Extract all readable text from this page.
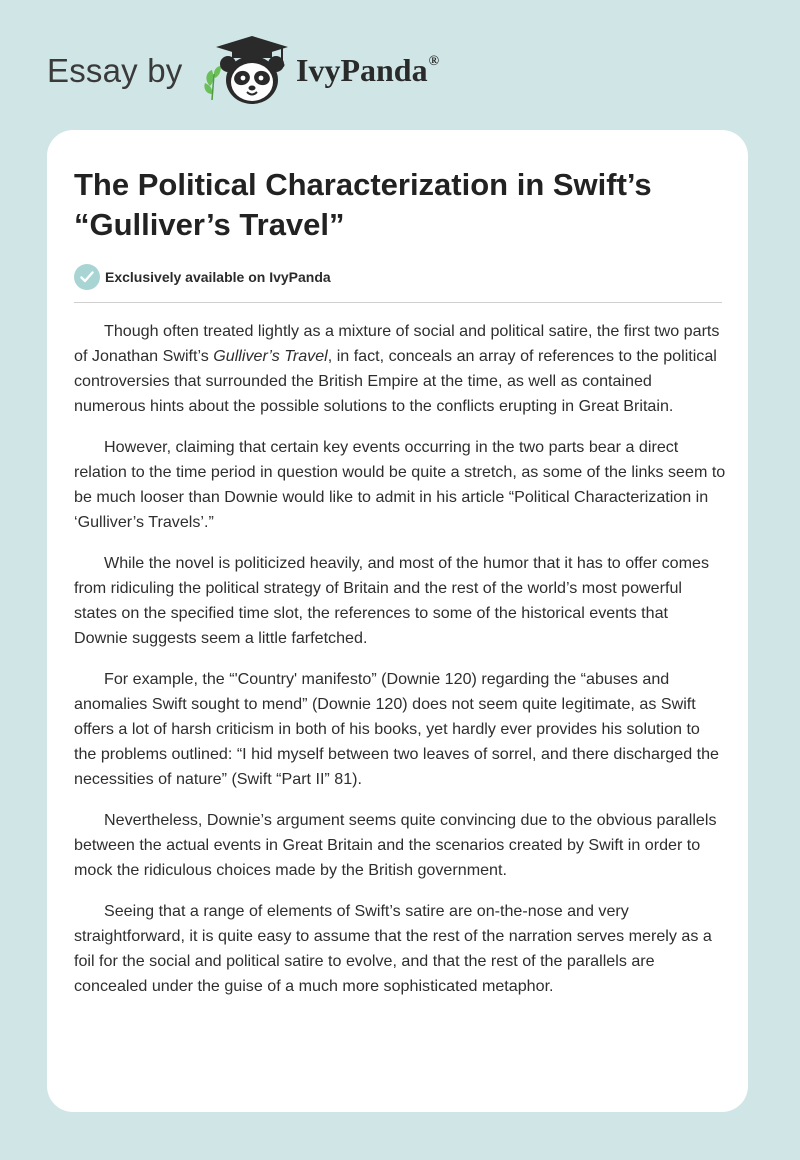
Essay by	IvyPanda®
The Political Characterization in Swift’s “Gulliver’s Travel”
Exclusively available on IvyPanda

Though often treated lightly as a mixture of social and political satire, the first two parts of Jonathan Swift’s Gulliver’s Travel, in fact, conceals an array of references to the political controversies that surrounded the British Empire at the time, as well as contained numerous hints about the possible solutions to the conflicts erupting in Great Britain.

However, claiming that certain key events occurring in the two parts bear a direct relation to the time period in question would be quite a stretch, as some of the links seem to be much looser than Downie would like to admit in his article “Political Characterization in ‘Gulliver’s Travels’.”

While the novel is politicized heavily, and most of the humor that it has to offer comes from ridiculing the political strategy of Britain and the rest of the world’s most powerful states on the specified time slot, the references to some of the historical events that Downie suggests seem a little farfetched.

For example, the “'Country' manifesto” (Downie 120) regarding the “abuses and anomalies Swift sought to mend” (Downie 120) does not seem quite legitimate, as Swift offers a lot of harsh criticism in both of his books, yet hardly ever provides his solution to the problems outlined: “I hid myself between two leaves of sorrel, and there discharged the necessities of nature” (Swift “Part II” 81).

Nevertheless, Downie’s argument seems quite convincing due to the obvious parallels between the actual events in Great Britain and the scenarios created by Swift in order to mock the ridiculous choices made by the British government.

Seeing that a range of elements of Swift’s satire are on-the-nose and very straightforward, it is quite easy to assume that the rest of the narration serves merely as a foil for the social and political satire to evolve, and that the rest of the parallels are concealed under the guise of a much more sophisticated metaphor.
